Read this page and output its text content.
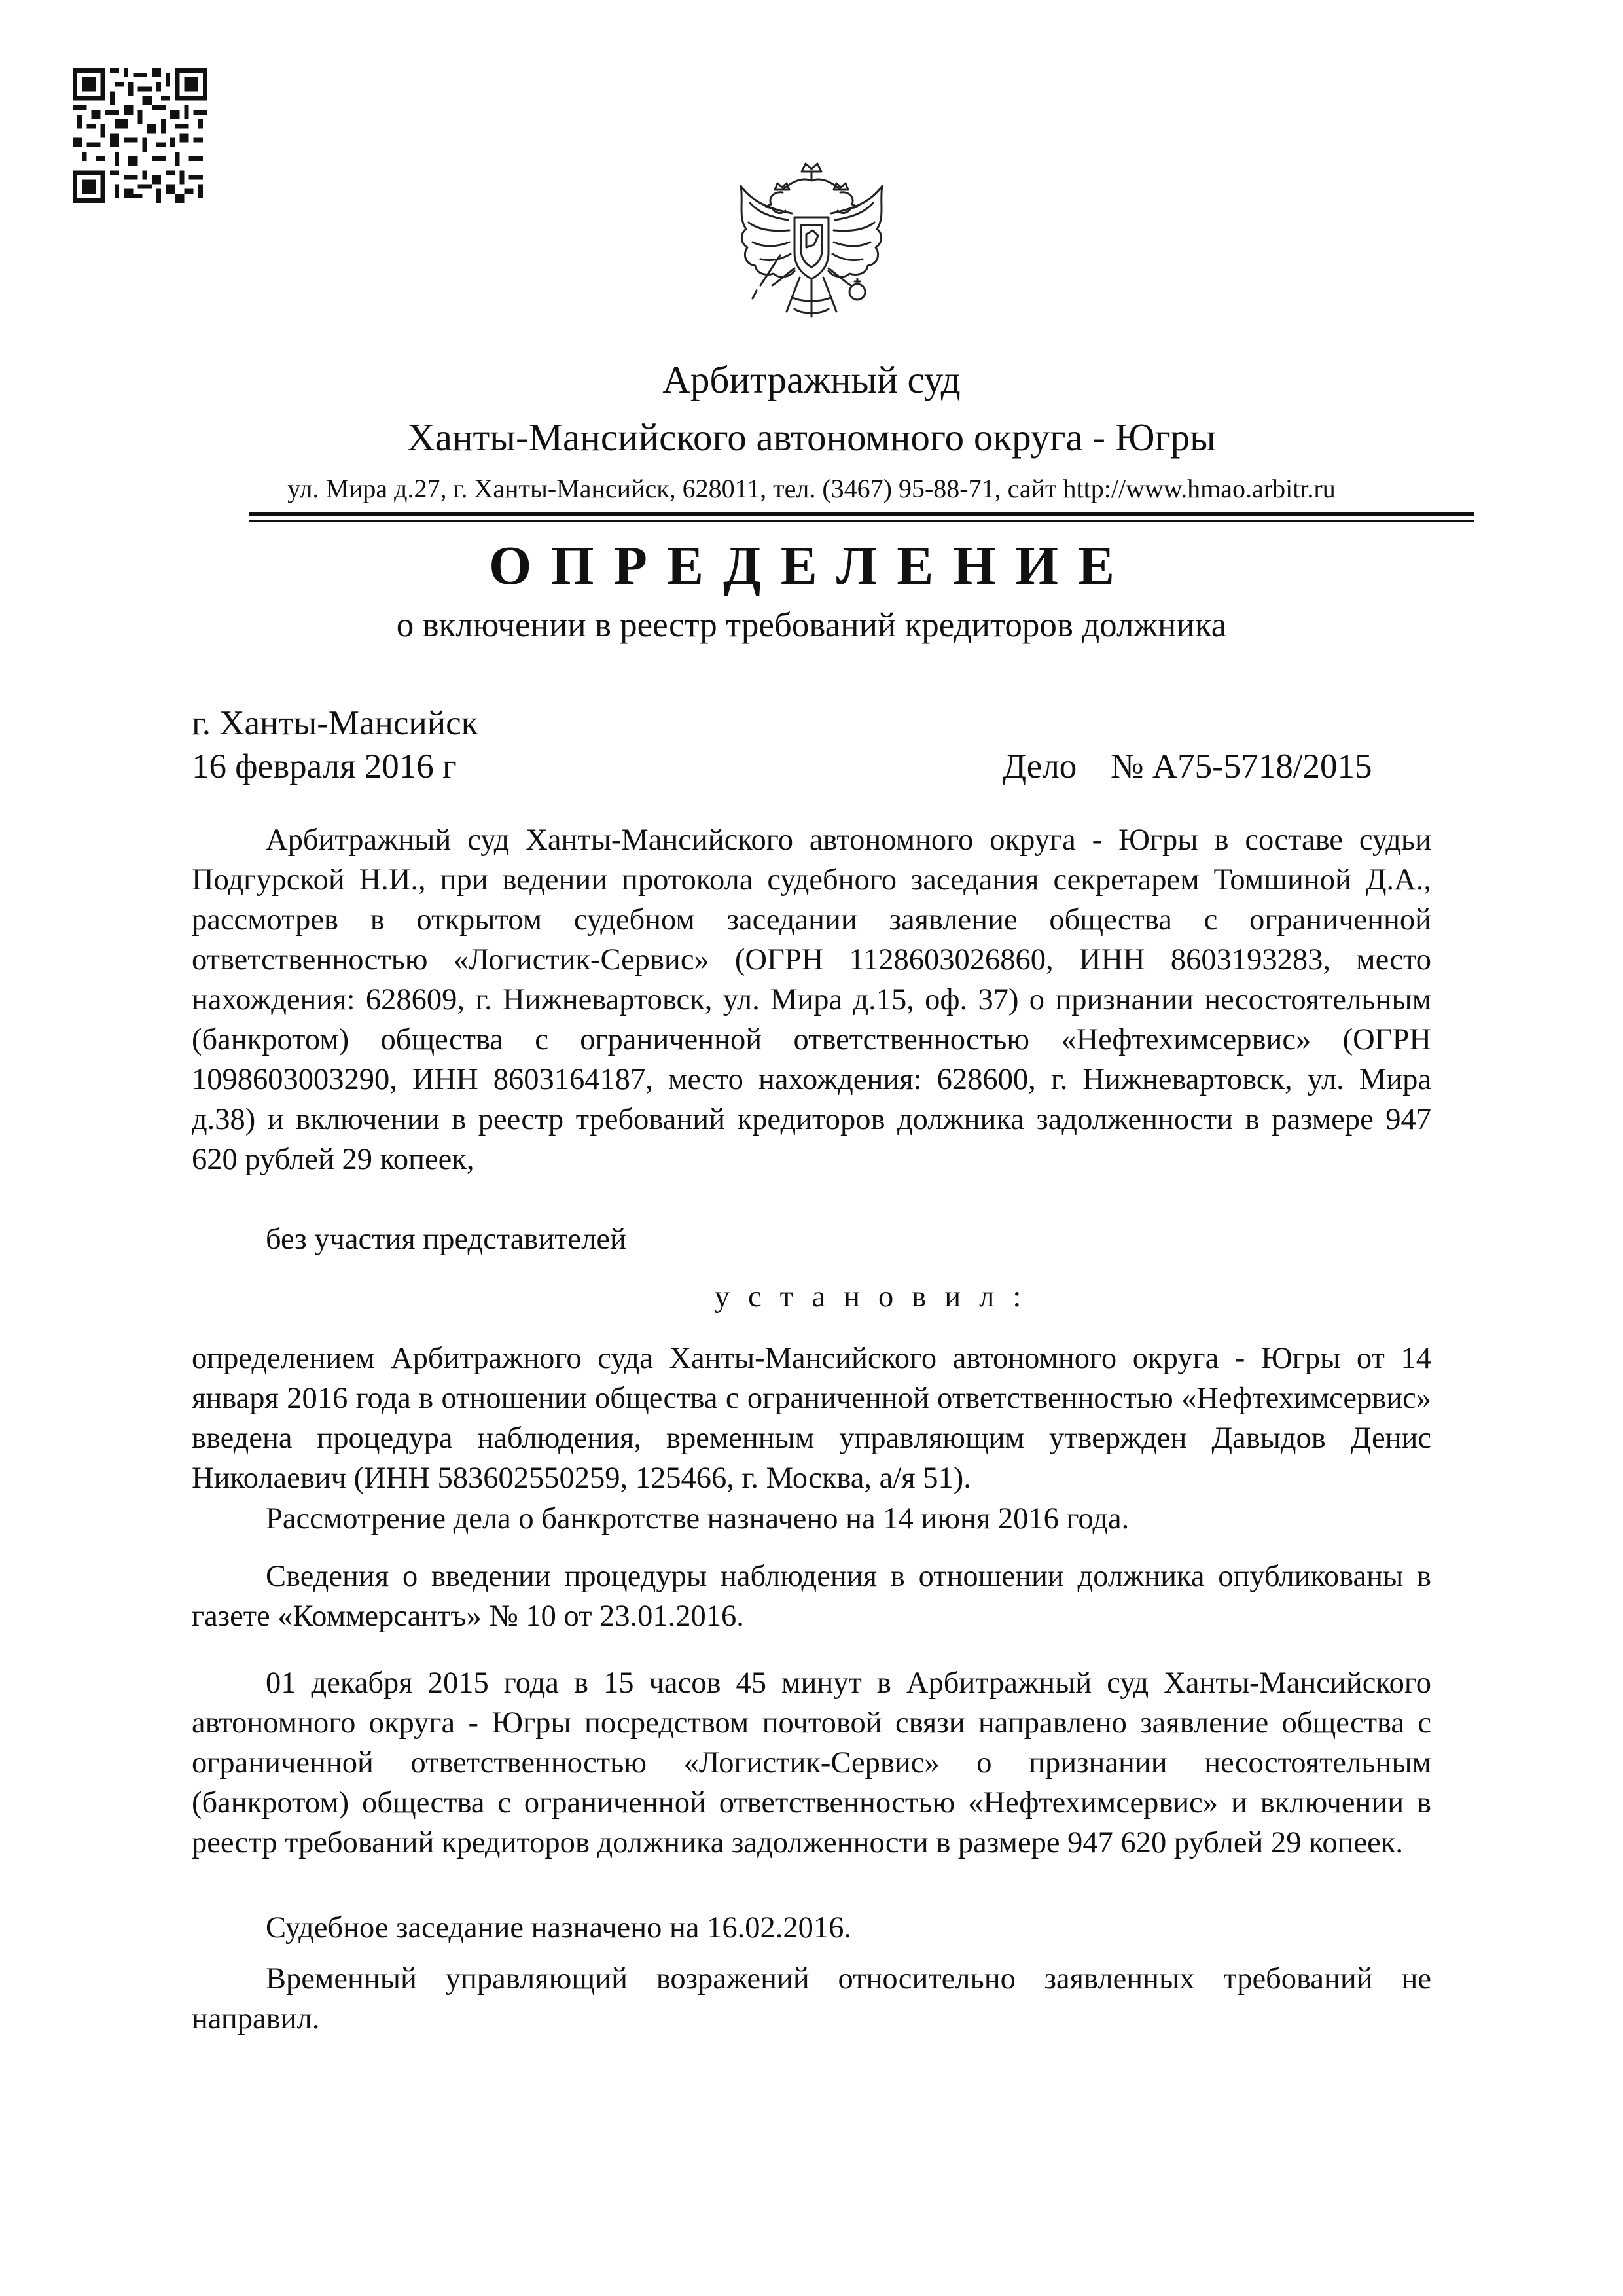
Арбитражный суд
Ханты-Мансийского автономного округа - Югры
ул. Мира д.27, г. Ханты-Мансийск, 628011, тел. (3467) 95-88-71, сайт http://www.hmao.arbitr.ru
ОПРЕДЕЛЕНИЕ
о включении в реестр требований кредиторов должника
г. Ханты-Мансийск
16 февраля 2016 г	Дело № А75-5718/2015
Арбитражный суд Ханты-Мансийского автономного округа - Югры в составе судьи Подгурской Н.И., при ведении протокола судебного заседания секретарем Томшиной Д.А., рассмотрев в открытом судебном заседании заявление общества с ограниченной ответственностью «Логистик-Сервис» (ОГРН 1128603026860, ИНН 8603193283, место нахождения: 628609, г. Нижневартовск, ул. Мира д.15, оф. 37) о признании несостоятельным (банкротом) общества с ограниченной ответственностью «Нефтехимсервис» (ОГРН 1098603003290, ИНН 8603164187, место нахождения: 628600, г. Нижневартовск, ул. Мира д.38) и включении в реестр требований кредиторов должника задолженности в размере 947 620 рублей 29 копеек,
без участия представителей
установил:
определением Арбитражного суда Ханты-Мансийского автономного округа - Югры от 14 января 2016 года в отношении общества с ограниченной ответственностью «Нефтехимсервис» введена процедура наблюдения, временным управляющим утвержден Давыдов Денис Николаевич (ИНН 583602550259, 125466, г. Москва, а/я 51).
Рассмотрение дела о банкротстве назначено на 14 июня 2016 года.
Сведения о введении процедуры наблюдения в отношении должника опубликованы в газете «Коммерсантъ» № 10 от 23.01.2016.
01 декабря 2015 года в 15 часов 45 минут в Арбитражный суд Ханты-Мансийского автономного округа - Югры посредством почтовой связи направлено заявление общества с ограниченной ответственностью «Логистик-Сервис» о признании несостоятельным (банкротом) общества с ограниченной ответственностью «Нефтехимсервис» и включении в реестр требований кредиторов должника задолженности в размере 947 620 рублей 29 копеек.
Судебное заседание назначено на 16.02.2016.
Временный управляющий возражений относительно заявленных требований не направил.
